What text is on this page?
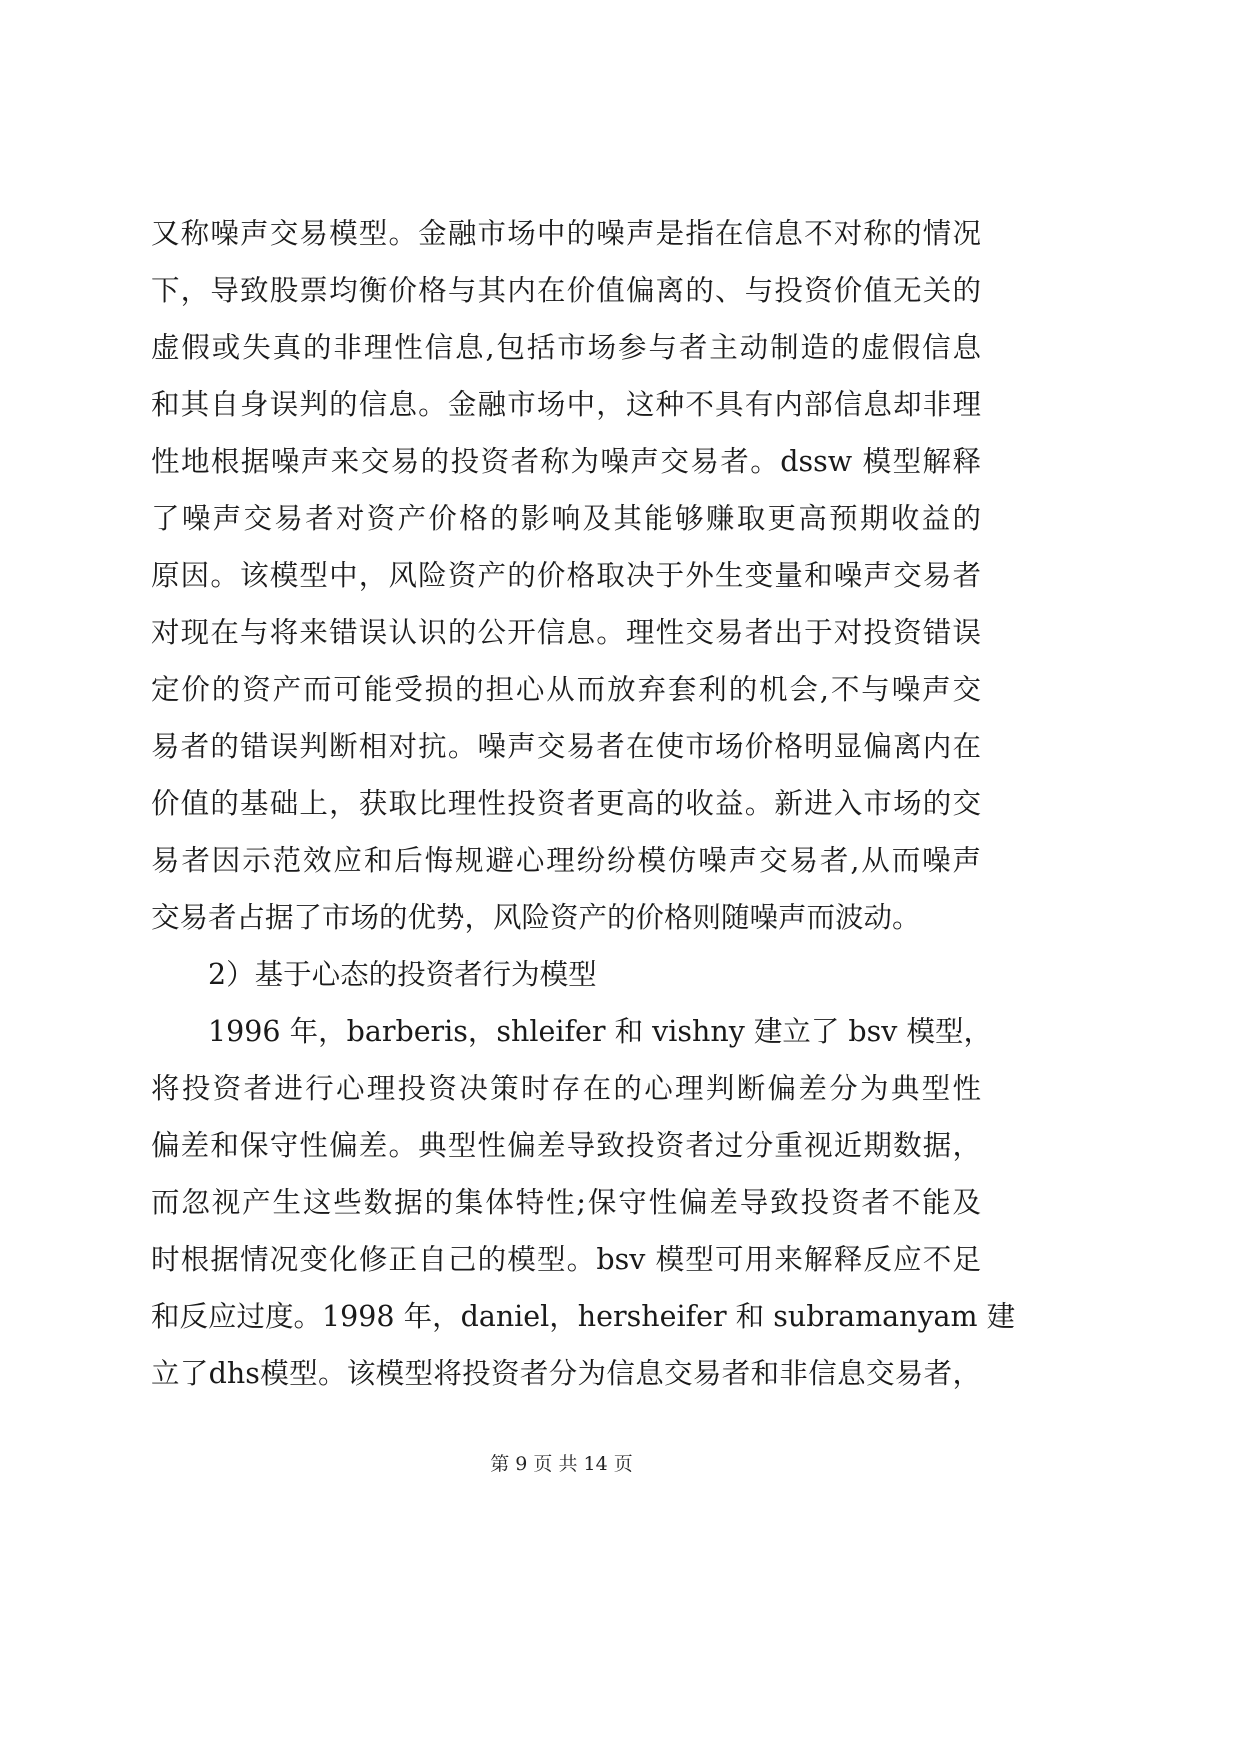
又称噪声交易模型。金融市场中的噪声是指在信息不对称的情况
下，导致股票均衡价格与其内在价值偏离的、与投资价值无关的
虚假或失真的非理性信息,包括市场参与者主动制造的虚假信息
和其自身误判的信息。金融市场中，这种不具有内部信息却非理
性地根据噪声来交易的投资者称为噪声交易者。dssw 模型解释
了噪声交易者对资产价格的影响及其能够赚取更高预期收益的
原因。该模型中，风险资产的价格取决于外生变量和噪声交易者
对现在与将来错误认识的公开信息。理性交易者出于对投资错误
定价的资产而可能受损的担心从而放弃套利的机会,不与噪声交
易者的错误判断相对抗。噪声交易者在使市场价格明显偏离内在
价值的基础上，获取比理性投资者更高的收益。新进入市场的交
易者因示范效应和后悔规避心理纷纷模仿噪声交易者,从而噪声
交易者占据了市场的优势，风险资产的价格则随噪声而波动。
2）基于心态的投资者行为模型
1996 年，barberis，shleifer 和 vishny 建立了 bsv 模型，
将投资者进行心理投资决策时存在的心理判断偏差分为典型性
偏差和保守性偏差。典型性偏差导致投资者过分重视近期数据，
而忽视产生这些数据的集体特性;保守性偏差导致投资者不能及
时根据情况变化修正自己的模型。bsv 模型可用来解释反应不足
和反应过度。1998 年，daniel，hersheifer 和 subramanyam 建
立了dhs模型。该模型将投资者分为信息交易者和非信息交易者，
第 9 页 共 14 页
